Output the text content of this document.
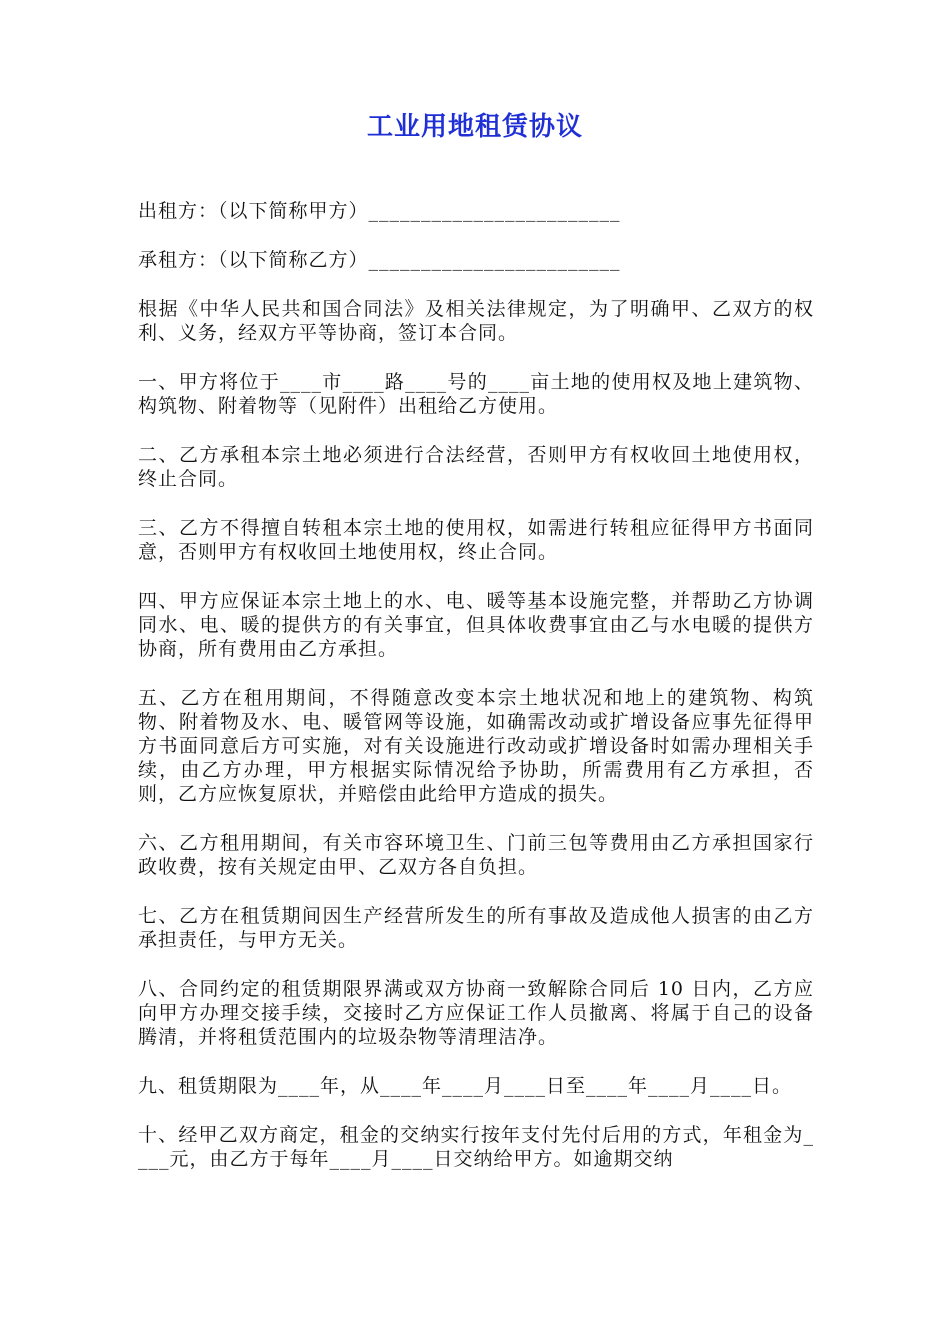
工业用地租赁协议

出租方：（以下简称甲方）________________________

承租方：（以下简称乙方）________________________

根据《中华人民共和国合同法》及相关法律规定，为了明确甲、乙双方的权利、义务，经双方平等协商，签订本合同。

一、甲方将位于____市____路____号的____亩土地的使用权及地上建筑物、构筑物、附着物等（见附件）出租给乙方使用。

二、乙方承租本宗土地必须进行合法经营，否则甲方有权收回土地使用权，终止合同。

三、乙方不得擅自转租本宗土地的使用权，如需进行转租应征得甲方书面同意，否则甲方有权收回土地使用权，终止合同。

四、甲方应保证本宗土地上的水、电、暖等基本设施完整，并帮助乙方协调同水、电、暖的提供方的有关事宜，但具体收费事宜由乙与水电暖的提供方协商，所有费用由乙方承担。

五、乙方在租用期间，不得随意改变本宗土地状况和地上的建筑物、构筑物、附着物及水、电、暖管网等设施，如确需改动或扩增设备应事先征得甲方书面同意后方可实施，对有关设施进行改动或扩增设备时如需办理相关手续，由乙方办理，甲方根据实际情况给予协助，所需费用有乙方承担，否则，乙方应恢复原状，并赔偿由此给甲方造成的损失。

六、乙方租用期间，有关市容环境卫生、门前三包等费用由乙方承担国家行政收费，按有关规定由甲、乙双方各自负担。

七、乙方在租赁期间因生产经营所发生的所有事故及造成他人损害的由乙方承担责任，与甲方无关。

八、合同约定的租赁期限界满或双方协商一致解除合同后 10 日内，乙方应向甲方办理交接手续，交接时乙方应保证工作人员撤离、将属于自己的设备腾清，并将租赁范围内的垃圾杂物等清理洁净。

九、租赁期限为____年，从____年____月____日至____年____月____日。

十、经甲乙双方商定，租金的交纳实行按年支付先付后用的方式，年租金为____元，由乙方于每年____月____日交纳给甲方。如逾期交纳
